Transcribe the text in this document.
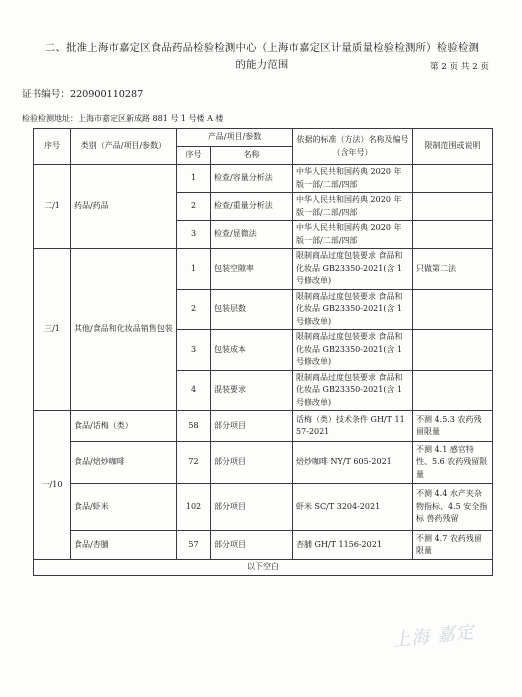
二、批准上海市嘉定区食品药品检验检测中心（上海市嘉定区计量质量检验检测所）检验检测
的能力范围	第 2 页 共 2 页
证书编号：220900110287
检验检测地址：上海市嘉定区新成路 881 号 1 号楼 A 楼
序号	类别（产品/项目/参数）	产品/项目/参数		依据的标准（方法）名称及编号（含年号）	限制范围或说明
		序号	名称		
二/1	药品/药品	1	检查/容量分析法	中华人民共和国药典 2020 年版一部/二部/四部	
		2	检查/重量分析法	中华人民共和国药典 2020 年版一部/二部/四部	
		3	检查/显微法	中华人民共和国药典 2020 年版一部/二部/四部	
三/1	其他/食品和化妆品销售包装	1	包装空隙率	限制商品过度包装要求 食品和化妆品 GB23350-2021(含 1 号修改单)	只做第二法
		2	包装层数	限制商品过度包装要求 食品和化妆品 GB23350-2021(含 1 号修改单)	
		3	包装成本	限制商品过度包装要求 食品和化妆品 GB23350-2021(含 1 号修改单)	
		4	混装要求	限制商品过度包装要求 食品和化妆品 GB23350-2021(含 1 号修改单)	
一/10	食品/话梅（类）	58	部分项目	话梅（类）技术条件 GH/T 1157-2021	不测 4.5.3 农药残留限量
	食品/焙炒咖啡	72	部分项目	焙炒咖啡 NY/T 605-2021	不测 4.1 感官特性、5.6 农药残留限量
	食品/虾米	102	部分项目	虾米 SC/T 3204-2021	不测 4.4 水产夹杂物指标、4.5 安全指标 兽药残留
	食品/杏脯	57	部分项目	杏脯 GH/T 1156-2021	不测 4.7 农药残留限量
以下空白					
上海 嘉定
